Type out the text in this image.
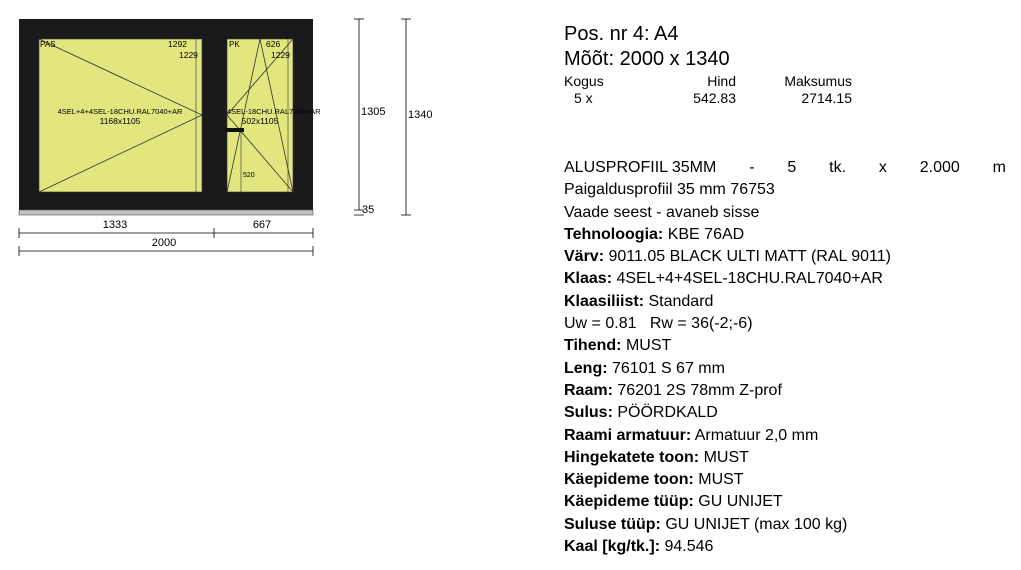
PAS	1292
1229
4SEL+4+4SEL-18CHU.RAL7040+AR
1168x1105
PK	626
1229
4SEL-18CHU.RAL7040+AR
502x1105
520
1305
35
1340
1333	667
2000
Pos. nr 4: A4
Mõõt: 2000 x 1340
Kogus	Hind	Maksumus
5 x	542.83	2714.15
ALUSPROFIIL 35MM - 5 tk. x 2.000 m
Paigaldusprofiil 35 mm 76753
Vaade seest - avaneb sisse
Tehnoloogia: KBE 76AD
Värv: 9011.05 BLACK ULTI MATT (RAL 9011)
Klaas: 4SEL+4+4SEL-18CHU.RAL7040+AR
Klaasiliist: Standard
Uw = 0.81   Rw = 36(-2;-6)
Tihend: MUST
Leng: 76101 S 67 mm
Raam: 76201 2S 78mm Z-prof
Sulus: PÖÖRDKALD
Raami armatuur: Armatuur 2,0 mm
Hingekatete toon: MUST
Käepideme toon: MUST
Käepideme tüüp: GU UNIJET
Suluse tüüp: GU UNIJET (max 100 kg)
Kaal [kg/tk.]: 94.546
